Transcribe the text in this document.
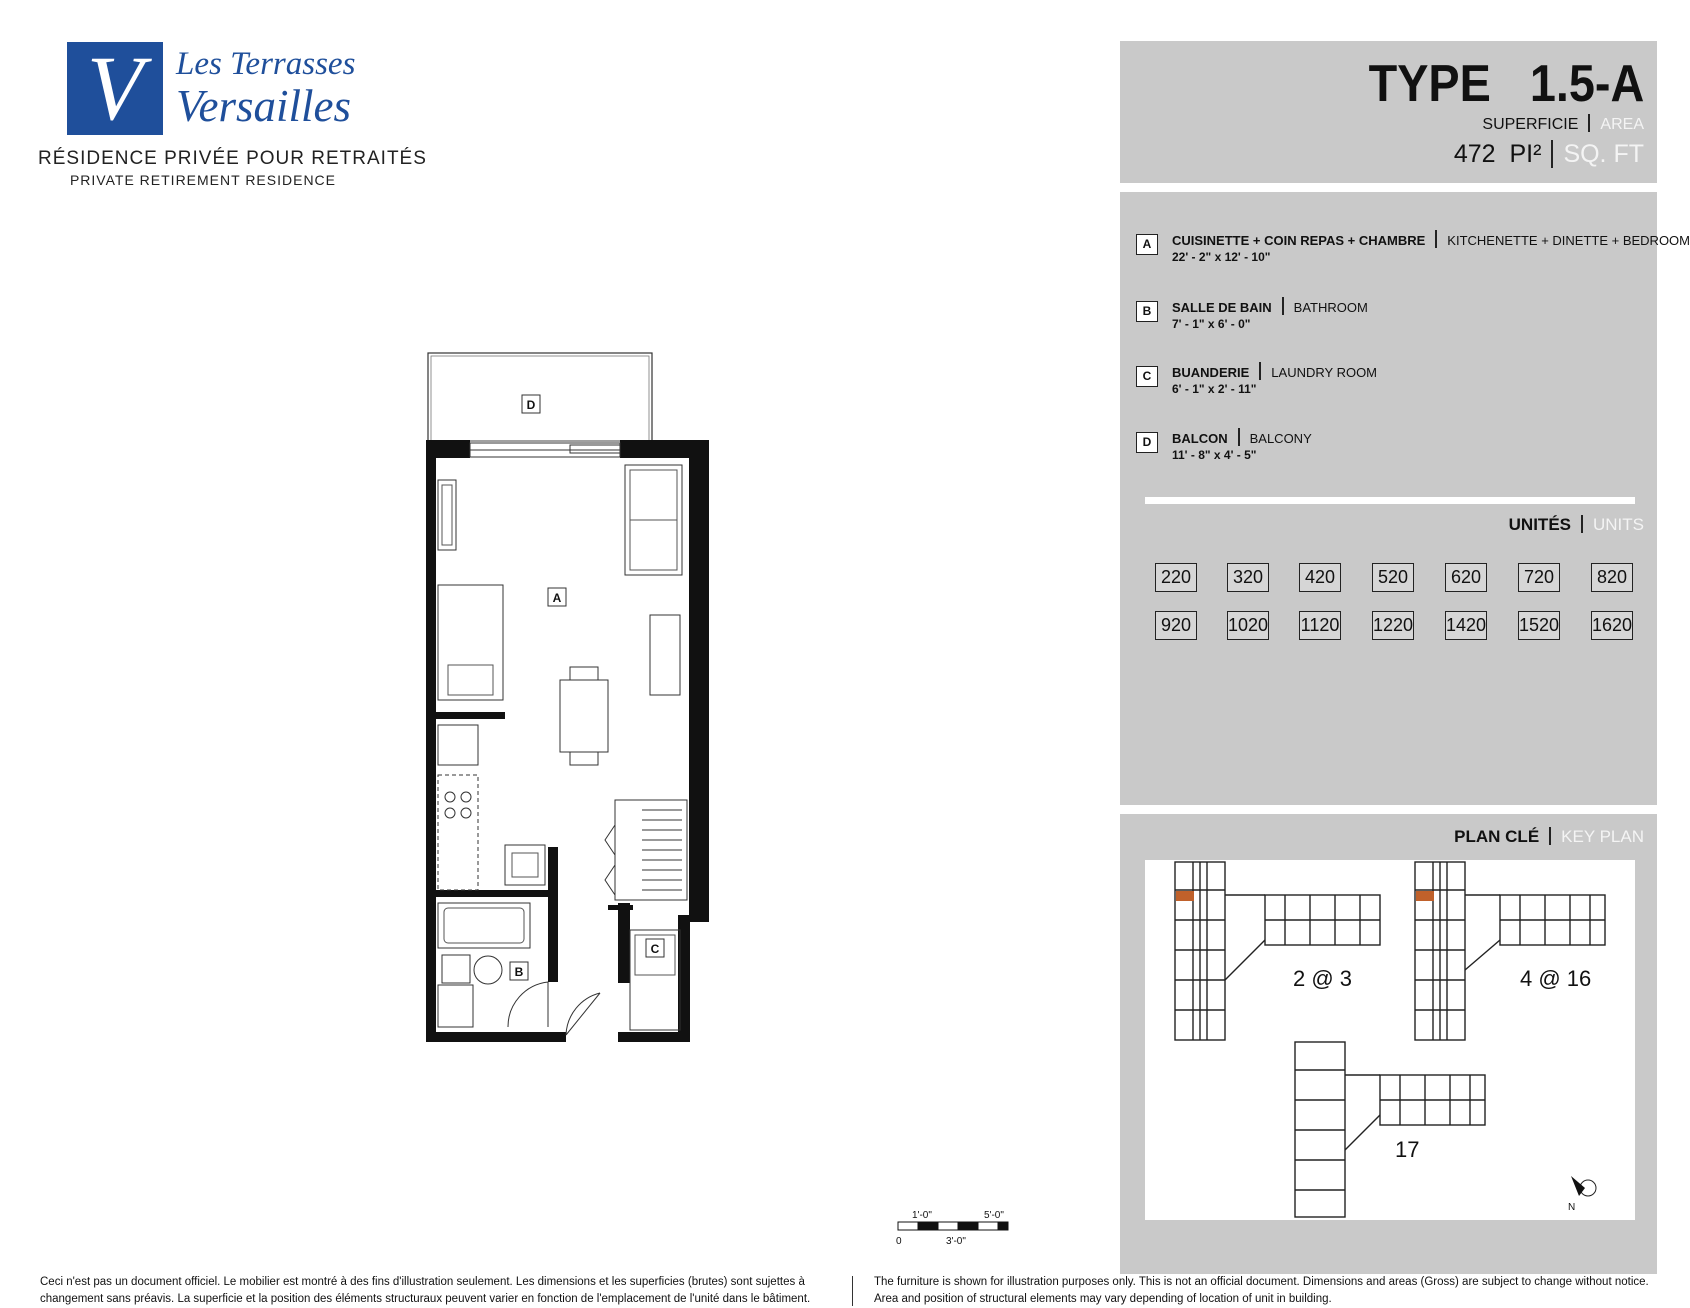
V Les Terrasses
Versailles
RÉSIDENCE PRIVÉE POUR RETRAITÉS
PRIVATE RETIREMENT RESIDENCE
TYPE   1.5-A
SUPERFICIE AREA
472  PI² SQ. FT
A	CUISINETTE + COIN REPAS + CHAMBRE KITCHENETTE + DINETTE + BEDROOM
22' - 2" x 12' - 10"
B	SALLE DE BAIN BATHROOM
7' - 1" x 6' - 0"
C	BUANDERIE LAUNDRY ROOM
6' - 1" x 2' - 11"
D	BALCON BALCONY
11' - 8" x 4' - 5"
UNITÉS UNITS
220	320	420	520	620	720	820
920	1020 1120 1220 1420 1520 1620
PLAN CLÉ KEY PLAN
2 @ 3	4 @ 16
17
N
D
A
B
C
1'-0"	5'-0"
0	3'-0"
Ceci n'est pas un document officiel. Le mobilier est montré à des fins d'illustration seulement. Les dimensions et les superficies (brutes) sont sujettes à changement sans préavis. La superficie et la position des éléments structuraux peuvent varier en fonction de l'emplacement de l'unité dans le bâtiment.
The furniture is shown for illustration purposes only. This is not an official document. Dimensions and areas (Gross) are subject to change without notice. Area and position of structural elements may vary depending of location of unit in building.
